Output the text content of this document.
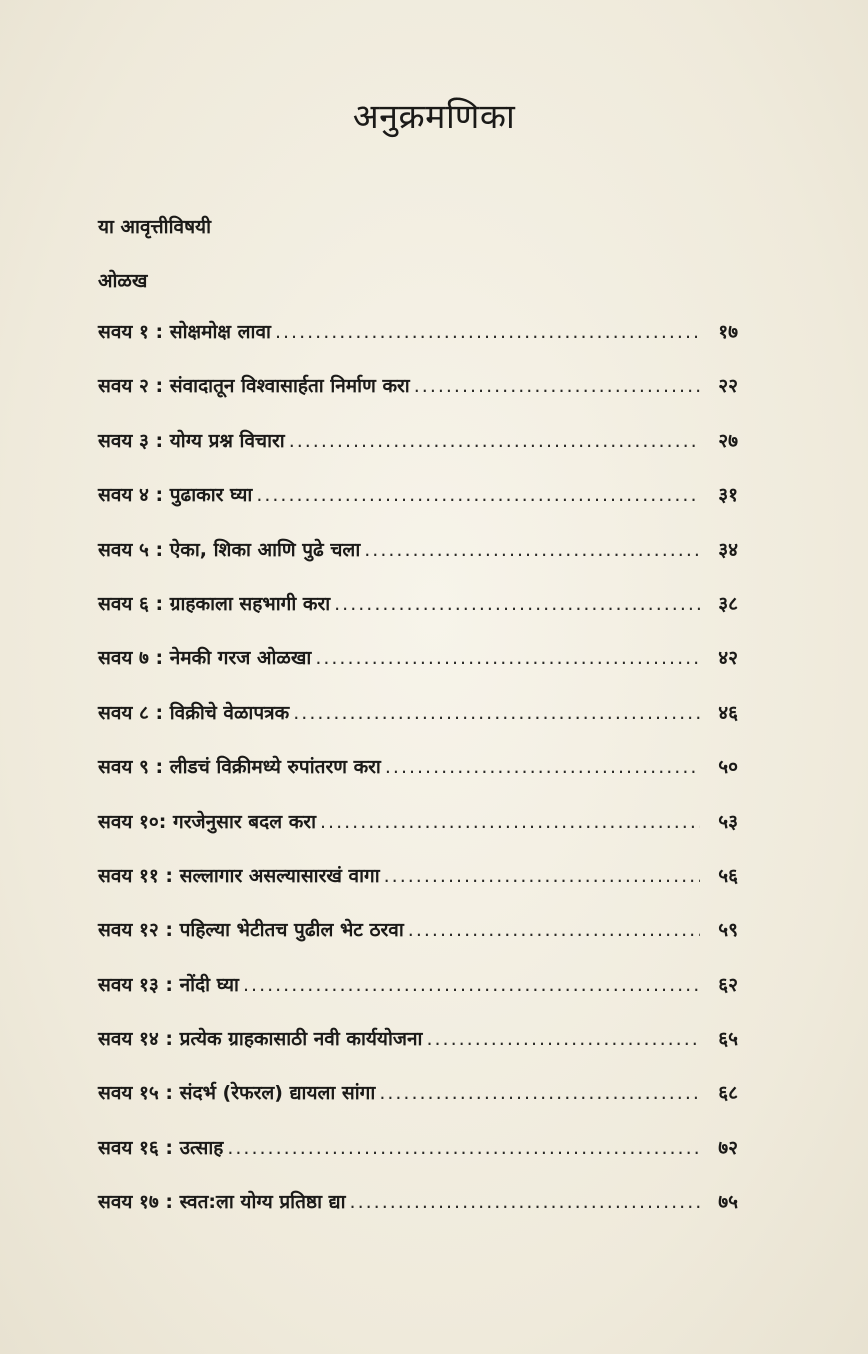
अनुक्रमणिका
या आवृत्तीविषयी
ओळख
सवय १ : सोक्षमोक्ष लावा .....	१७
सवय २ : संवादातून विश्वासार्हता निर्माण करा .....	२२
सवय ३ : योग्य प्रश्न विचारा .....	२७
सवय ४ : पुढाकार घ्या .....	३१
सवय ५ : ऐका, शिका आणि पुढे चला .....	३४
सवय ६ : ग्राहकाला सहभागी करा .....	३८
सवय ७ : नेमकी गरज ओळखा .....	४२
सवय ८ : विक्रीचे वेळापत्रक .....	४६
सवय ९ : लीडचं विक्रीमध्ये रुपांतरण करा .....	५०
सवय १०: गरजेनुसार बदल करा .....	५३
सवय ११ : सल्लागार असल्यासारखं वागा .....	५६
सवय १२ : पहिल्या भेटीतच पुढील भेट ठरवा .....	५९
सवय १३ : नोंदी घ्या .....	६२
सवय १४ : प्रत्येक ग्राहकासाठी नवी कार्ययोजना .....	६५
सवय १५ : संदर्भ (रेफरल) द्यायला सांगा .....	६८
सवय १६ : उत्साह .....	७२
सवय १७ : स्वत:ला योग्य प्रतिष्ठा द्या .....	७५
